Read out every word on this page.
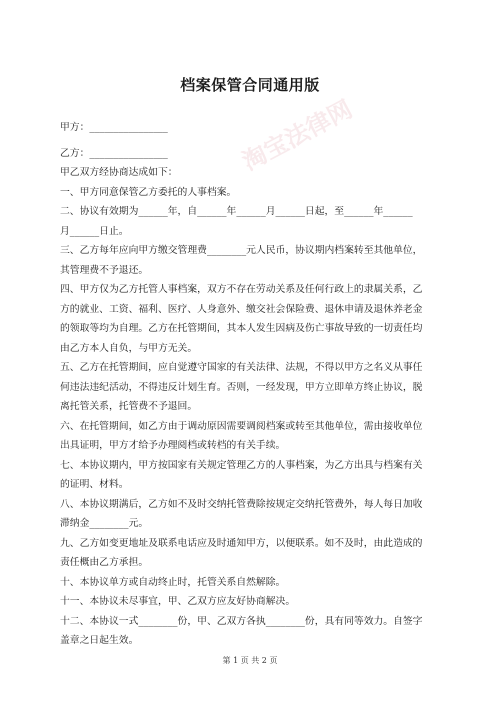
淘宝法律网
档案保管合同通用版
甲方：________________
乙方：________________
甲乙双方经协商达成如下：
一、甲方同意保管乙方委托的人事档案。
二、协议有效期为______年，自______年______月______日起，至______年______
月______日止。
三、乙方每年应向甲方缴交管理费________元人民币，协议期内档案转至其他单位，
其管理费不予退还。
四、甲方仅为乙方托管人事档案，双方不存在劳动关系及任何行政上的隶属关系，乙
方的就业、工资、福利、医疗、人身意外、缴交社会保险费、退休申请及退休养老金
的领取等均为自理。乙方在托管期间，其本人发生因病及伤亡事故导致的一切责任均
由乙方本人自负，与甲方无关。
五、乙方在托管期间，应自觉遵守国家的有关法律、法规，不得以甲方之名义从事任
何违法违纪活动，不得违反计划生育。否则，一经发现，甲方立即单方终止协议，脱
离托管关系，托管费不予退回。
六、在托管期间，如乙方由于调动原因需要调阅档案或转至其他单位，需由接收单位
出具证明，甲方才给予办理阅档或转档的有关手续。
七、本协议期内，甲方按国家有关规定管理乙方的人事档案，为乙方出具与档案有关
的证明、材料。
八、本协议期满后，乙方如不及时交纳托管费除按规定交纳托管费外，每人每日加收
滞纳金________元。
九、乙方如变更地址及联系电话应及时通知甲方，以便联系。如不及时，由此造成的
责任概由乙方承担。
十、本协议单方或自动终止时，托管关系自然解除。
十一、本协议未尽事宜，甲、乙双方应友好协商解决。
十二、本协议一式________份，甲、乙双方各执________份，具有同等效力。自签字
盖章之日起生效。
第 1 页 共 2 页
